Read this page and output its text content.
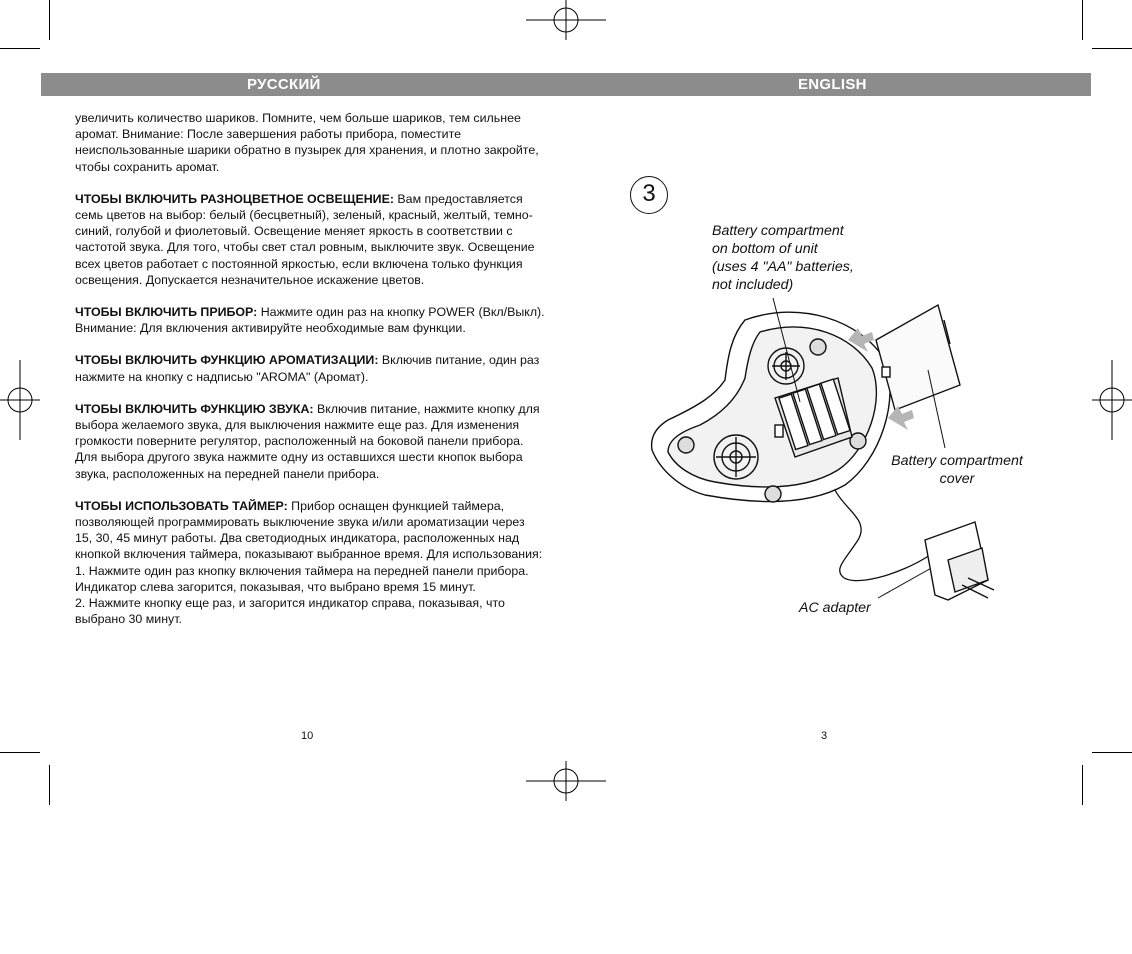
РУССКИЙ	ENGLISH

увеличить количество шариков. Помните, чем больше шариков, тем сильнее аромат. Внимание: После завершения работы прибора, поместите неиспользованные шарики обратно в пузырек для хранения, и плотно закройте, чтобы сохранить аромат.

ЧТОБЫ ВКЛЮЧИТЬ РАЗНОЦВЕТНОЕ ОСВЕЩЕНИЕ: Вам предоставляется семь цветов на выбор: белый (бесцветный), зеленый, красный, желтый, темно-синий, голубой и фиолетовый. Освещение меняет яркость в соответствии с частотой звука. Для того, чтобы свет стал ровным, выключите звук. Освещение всех цветов работает с постоянной яркостью, если включена только функция освещения. Допускается незначительное искажение цветов.

ЧТОБЫ ВКЛЮЧИТЬ ПРИБОР: Нажмите один раз на кнопку POWER (Вкл/Выкл). Внимание: Для включения активируйте необходимые вам функции.

ЧТОБЫ ВКЛЮЧИТЬ ФУНКЦИЮ АРОМАТИЗАЦИИ: Включив питание, один раз нажмите на кнопку с надписью "AROMA" (Аромат).

ЧТОБЫ ВКЛЮЧИТЬ ФУНКЦИЮ ЗВУКА: Включив питание, нажмите кнопку для выбора желаемого звука, для выключения нажмите еще раз. Для изменения громкости поверните регулятор, расположенный на боковой панели прибора. Для выбора другого звука нажмите одну из оставшихся шести кнопок выбора звука, расположенных на передней панели прибора.

ЧТОБЫ ИСПОЛЬЗОВАТЬ ТАЙМЕР: Прибор оснащен функцией таймера, позволяющей программировать выключение звука и/или ароматизации через 15, 30, 45 минут работы. Два светодиодных индикатора, расположенных над кнопкой включения таймера, показывают выбранное время. Для использования:

1. Нажмите один раз кнопку включения таймера на передней панели прибора. Индикатор слева загорится, показывая, что выбрано время 15 минут.

2. Нажмите кнопку еще раз, и загорится индикатор справа, показывая, что выбрано 30 минут.

10	3
3
Battery compartment
on bottom of unit
(uses 4 "AA" batteries,
not included)
Battery compartment
cover
AC adapter
